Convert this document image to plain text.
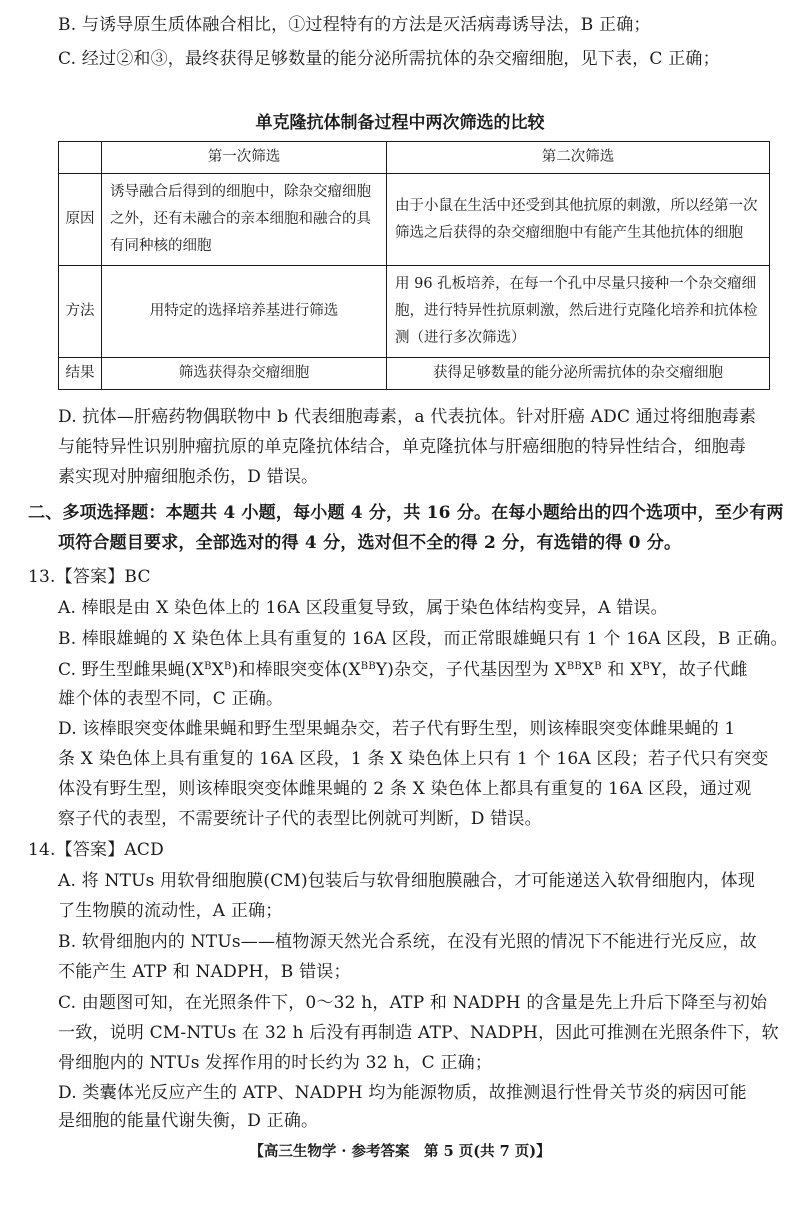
B. 与诱导原生质体融合相比，①过程特有的方法是灭活病毒诱导法，B 正确；
C. 经过②和③，最终获得足够数量的能分泌所需抗体的杂交瘤细胞，见下表，C 正确；
单克隆抗体制备过程中两次筛选的比较
	第一次筛选	第二次筛选
原因	诱导融合后得到的细胞中，除杂交瘤细胞之外，还有未融合的亲本细胞和融合的具有同种核的细胞	由于小鼠在生活中还受到其他抗原的刺激，所以经第一次筛选之后获得的杂交瘤细胞中有能产生其他抗体的细胞
方法	用特定的选择培养基进行筛选	用 96 孔板培养，在每一个孔中尽量只接种一个杂交瘤细胞，进行特异性抗原刺激，然后进行克隆化培养和抗体检测（进行多次筛选）
结果	筛选获得杂交瘤细胞	获得足够数量的能分泌所需抗体的杂交瘤细胞
D. 抗体—肝癌药物偶联物中 b 代表细胞毒素，a 代表抗体。针对肝癌 ADC 通过将细胞毒素
与能特异性识别肿瘤抗原的单克隆抗体结合，单克隆抗体与肝癌细胞的特异性结合，细胞毒
素实现对肿瘤细胞杀伤，D 错误。
二、多项选择题：本题共 4 小题，每小题 4 分，共 16 分。在每小题给出的四个选项中，至少有两
项符合题目要求，全部选对的得 4 分，选对但不全的得 2 分，有选错的得 0 分。
13.【答案】BC
A. 棒眼是由 X 染色体上的 16A 区段重复导致，属于染色体结构变异，A 错误。
B. 棒眼雄蝇的 X 染色体上具有重复的 16A 区段，而正常眼雄蝇只有 1 个 16A 区段，B 正确。
C. 野生型雌果蝇$(X^BX^B)$和棒眼突变体$(X^{BB}Y)$杂交，子代基因型为 $X^{BB}X^B$ 和 $X^BY$，故子代雌
雄个体的表型不同，C 正确。
D. 该棒眼突变体雌果蝇和野生型果蝇杂交，若子代有野生型，则该棒眼突变体雌果蝇的 1
条 X 染色体上具有重复的 16A 区段，1 条 X 染色体上只有 1 个 16A 区段；若子代只有突变
体没有野生型，则该棒眼突变体雌果蝇的 2 条 X 染色体上都具有重复的 16A 区段，通过观
察子代的表型，不需要统计子代的表型比例就可判断，D 错误。
14.【答案】ACD
A. 将 NTUs 用软骨细胞膜(CM)包装后与软骨细胞膜融合，才可能递送入软骨细胞内，体现
了生物膜的流动性，A 正确；
B. 软骨细胞内的 NTUs——植物源天然光合系统，在没有光照的情况下不能进行光反应，故
不能产生 ATP 和 NADPH，B 错误；
C. 由题图可知，在光照条件下，0～32 h，ATP 和 NADPH 的含量是先上升后下降至与初始
一致，说明 CM-NTUs 在 32 h 后没有再制造 ATP、NADPH，因此可推测在光照条件下，软
骨细胞内的 NTUs 发挥作用的时长约为 32 h，C 正确；
D. 类囊体光反应产生的 ATP、NADPH 均为能源物质，故推测退行性骨关节炎的病因可能
是细胞的能量代谢失衡，D 正确。
【高三生物学 · 参考答案　第 5 页(共 7 页)】
